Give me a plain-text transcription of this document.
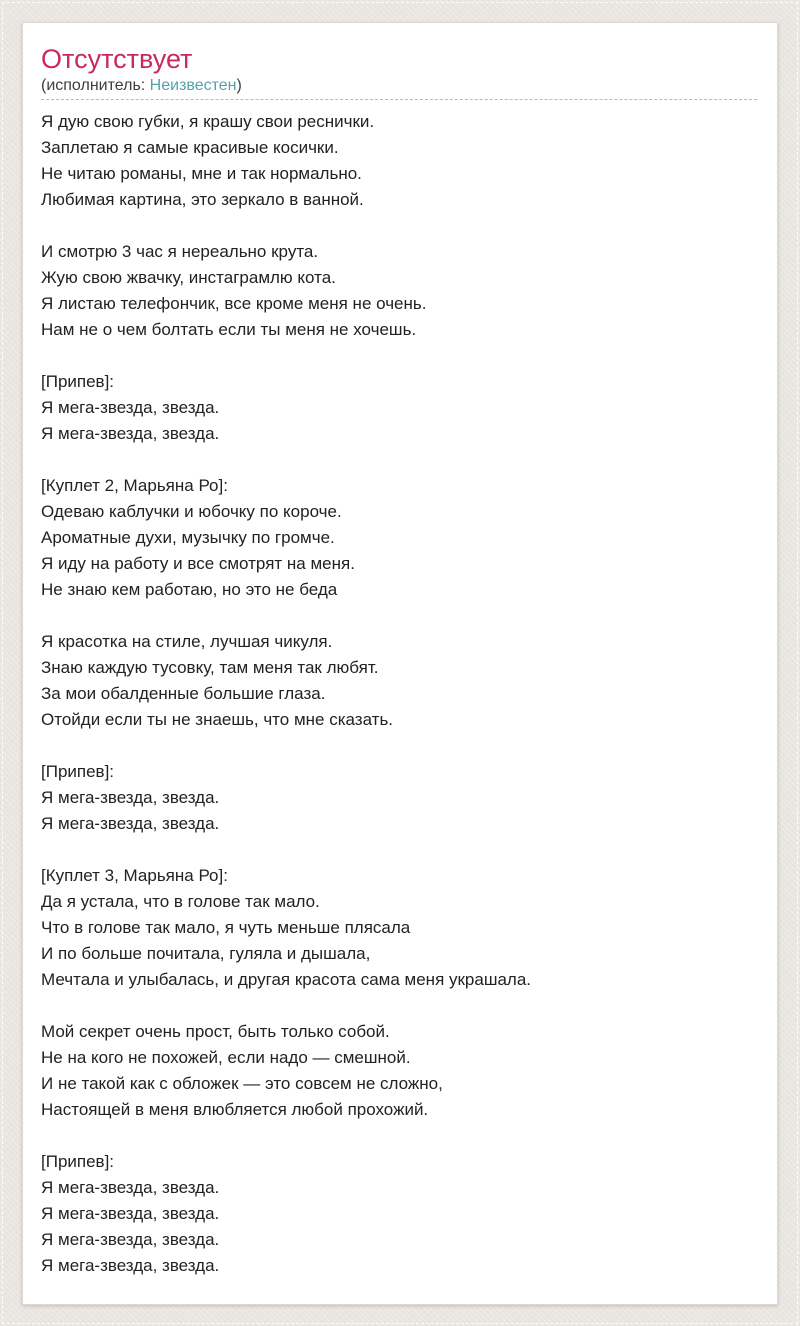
Отсутствует
(исполнитель: Неизвестен)
Я дую свою губки, я крашу свои реснички.
Заплетаю я самые красивые косички.
Не читаю романы, мне и так нормально.
Любимая картина, это зеркало в ванной.
И смотрю 3 час я нереально крута.
Жую свою жвачку, инстаграмлю кота.
Я листаю телефончик, все кроме меня не очень.
Нам не о чем болтать если ты меня не хочешь.
[Припев]:
Я мега-звезда, звезда.
Я мега-звезда, звезда.
[Куплет 2, Марьяна Ро]:
Одеваю каблучки и юбочку по короче.
Ароматные духи, музычку по громче.
Я иду на работу и все смотрят на меня.
Не знаю кем работаю, но это не беда
Я красотка на стиле, лучшая чикуля.
Знаю каждую тусовку, там меня так любят.
За мои обалденные большие глаза.
Отойди если ты не знаешь, что мне сказать.
[Припев]:
Я мега-звезда, звезда.
Я мега-звезда, звезда.
[Куплет 3, Марьяна Ро]:
Да я устала, что в голове так мало.
Что в голове так мало, я чуть меньше плясала
И по больше почитала, гуляла и дышала,
Мечтала и улыбалась, и другая красота сама меня украшала.
Мой секрет очень прост, быть только собой.
Не на кого не похожей, если надо — смешной.
И не такой как с обложек — это совсем не сложно,
Настоящей в меня влюбляется любой прохожий.
[Припев]:
Я мега-звезда, звезда.
Я мега-звезда, звезда.
Я мега-звезда, звезда.
Я мега-звезда, звезда.
